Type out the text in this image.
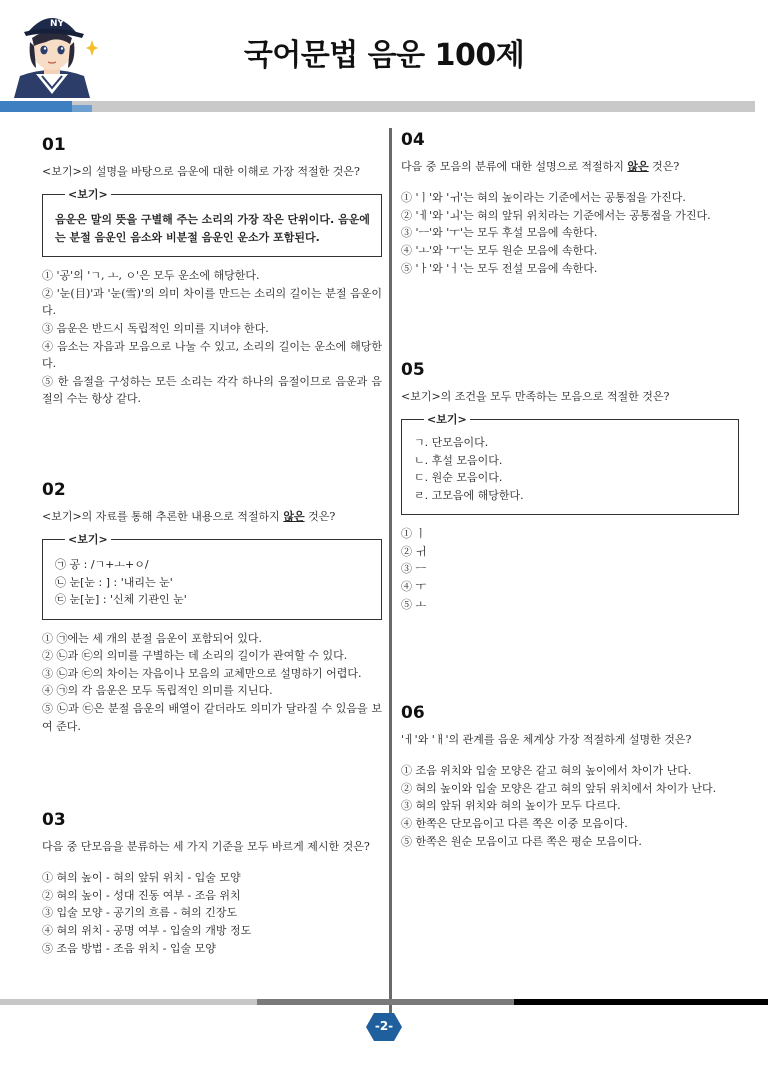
NY
국어문법 음운 100제
01
<보기>의 설명을 바탕으로 음운에 대한 이해로 가장 적절한 것은?
<보기>
음운은 말의 뜻을 구별해 주는 소리의 가장 작은 단위이다. 음운에는 분절 음운인 음소와 비분절 음운인 운소가 포함된다.
① '공'의 'ㄱ, ㅗ, ㅇ'은 모두 운소에 해당한다.
② '눈(目)'과 '눈(雪)'의 의미 차이를 만드는 소리의 길이는 분절 음운이다.
③ 음운은 반드시 독립적인 의미를 지녀야 한다.
④ 음소는 자음과 모음으로 나눌 수 있고, 소리의 길이는 운소에 해당한다.
⑤ 한 음절을 구성하는 모든 소리는 각각 하나의 음절이므로 음운과 음절의 수는 항상 같다.
02
<보기>의 자료를 통해 추론한 내용으로 적절하지 않은 것은?
<보기>
㉠ 공 : /ㄱ+ㅗ+ㅇ/
㉡ 눈[눈 : ] : '내리는 눈'
㉢ 눈[눈] : '신체 기관인 눈'
① ㉠에는 세 개의 분절 음운이 포함되어 있다.
② ㉡과 ㉢의 의미를 구별하는 데 소리의 길이가 관여할 수 있다.
③ ㉡과 ㉢의 차이는 자음이나 모음의 교체만으로 설명하기 어렵다.
④ ㉠의 각 음운은 모두 독립적인 의미를 지닌다.
⑤ ㉡과 ㉢은 분절 음운의 배열이 같더라도 의미가 달라질 수 있음을 보여 준다.
03
다음 중 단모음을 분류하는 세 가지 기준을 모두 바르게 제시한 것은?
① 혀의 높이 - 혀의 앞뒤 위치 - 입술 모양
② 혀의 높이 - 성대 진동 여부 - 조음 위치
③ 입술 모양 - 공기의 흐름 - 혀의 긴장도
④ 혀의 위치 - 공명 여부 - 입술의 개방 정도
⑤ 조음 방법 - 조음 위치 - 입술 모양
04
다음 중 모음의 분류에 대한 설명으로 적절하지 않은 것은?
① 'ㅣ'와 'ㅟ'는 혀의 높이라는 기준에서는 공통점을 가진다.
② 'ㅔ'와 'ㅚ'는 혀의 앞뒤 위치라는 기준에서는 공통점을 가진다.
③ 'ㅡ'와 'ㅜ'는 모두 후설 모음에 속한다.
④ 'ㅗ'와 'ㅜ'는 모두 원순 모음에 속한다.
⑤ 'ㅏ'와 'ㅓ'는 모두 전설 모음에 속한다.
05
<보기>의 조건을 모두 만족하는 모음으로 적절한 것은?
<보기>
ㄱ. 단모음이다.
ㄴ. 후설 모음이다.
ㄷ. 원순 모음이다.
ㄹ. 고모음에 해당한다.
① ㅣ
② ㅟ
③ ㅡ
④ ㅜ
⑤ ㅗ
06
'ㅔ'와 'ㅐ'의 관계를 음운 체계상 가장 적절하게 설명한 것은?
① 조음 위치와 입술 모양은 같고 혀의 높이에서 차이가 난다.
② 혀의 높이와 입술 모양은 같고 혀의 앞뒤 위치에서 차이가 난다.
③ 혀의 앞뒤 위치와 혀의 높이가 모두 다르다.
④ 한쪽은 단모음이고 다른 쪽은 이중 모음이다.
⑤ 한쪽은 원순 모음이고 다른 쪽은 평순 모음이다.
-2-
